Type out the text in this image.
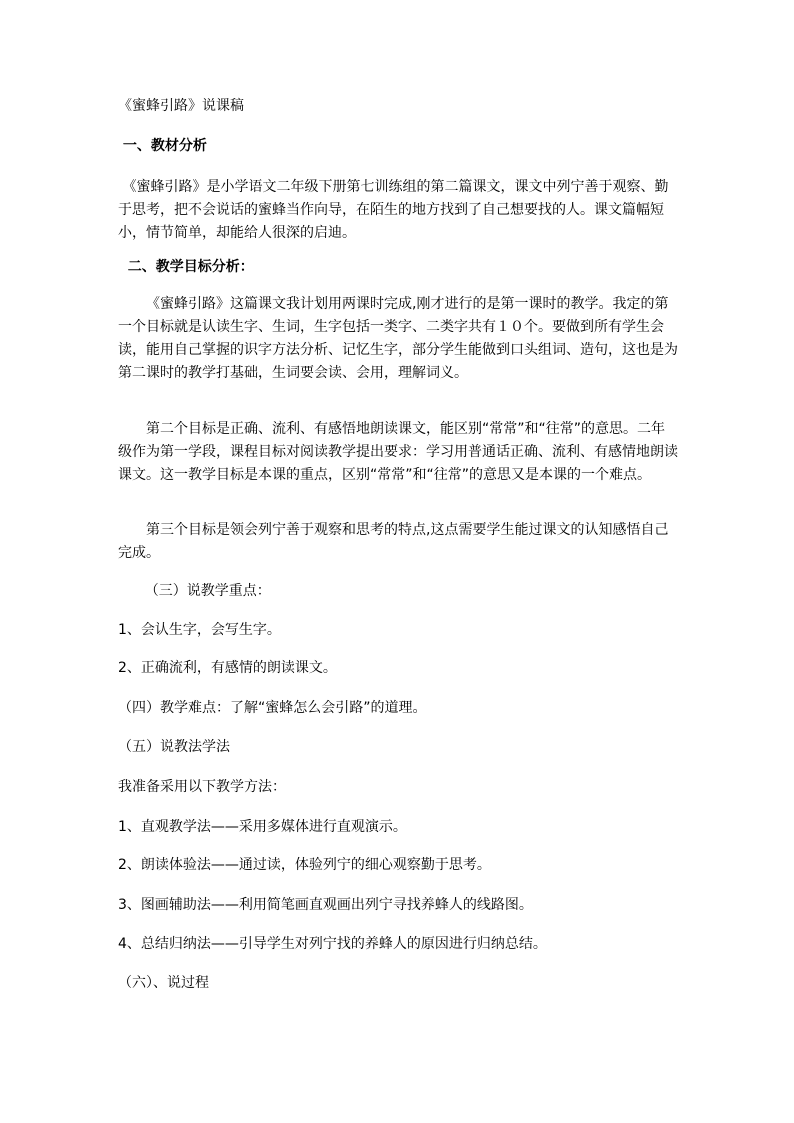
《蜜蜂引路》说课稿

一、教材分析

《蜜蜂引路》是小学语文二年级下册第七训练组的第二篇课文，课文中列宁善于观察、勤于思考，把不会说话的蜜蜂当作向导，在陌生的地方找到了自己想要找的人。课文篇幅短小，情节简单，却能给人很深的启迪。

二、教学目标分析：

《蜜蜂引路》这篇课文我计划用两课时完成,刚才进行的是第一课时的教学。我定的第一个目标就是认读生字、生词，生字包括一类字、二类字共有１０个。要做到所有学生会读，能用自己掌握的识字方法分析、记忆生字，部分学生能做到口头组词、造句，这也是为第二课时的教学打基础，生词要会读、会用，理解词义。

第二个目标是正确、流利、有感悟地朗读课文，能区别“常常”和“往常”的意思。二年级作为第一学段，课程目标对阅读教学提出要求：学习用普通话正确、流利、有感情地朗读课文。这一教学目标是本课的重点，区别“常常”和“往常”的意思又是本课的一个难点。

第三个目标是领会列宁善于观察和思考的特点,这点需要学生能过课文的认知感悟自己完成。

（三）说教学重点：

1、会认生字，会写生字。

2、正确流利，有感情的朗读课文。

（四）教学难点：了解“蜜蜂怎么会引路”的道理。

（五）说教法学法

我准备采用以下教学方法：

1、直观教学法——采用多媒体进行直观演示。

2、朗读体验法——通过读，体验列宁的细心观察勤于思考。

3、图画辅助法——利用简笔画直观画出列宁寻找养蜂人的线路图。

4、总结归纳法——引导学生对列宁找的养蜂人的原因进行归纳总结。

（六）、说过程
